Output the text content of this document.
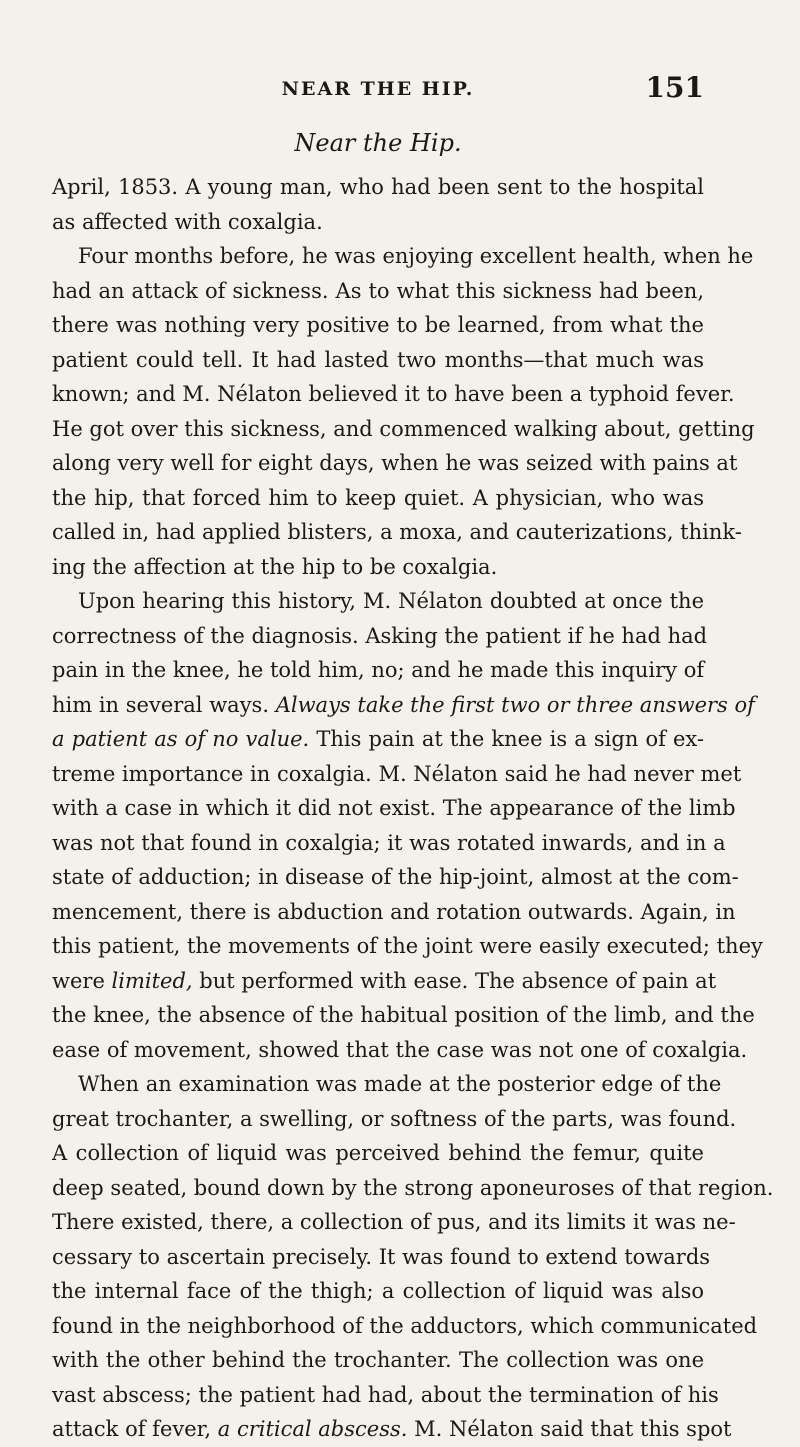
NEAR THE HIP.	151
Near the Hip.
April, 1853. A young man, who had been sent to the hospital
as affected with coxalgia.
Four months before, he was enjoying excellent health, when he
had an attack of sickness. As to what this sickness had been,
there was nothing very positive to be learned, from what the
patient could tell. It had lasted two months—that much was
known; and M. Nélaton believed it to have been a typhoid fever.
He got over this sickness, and commenced walking about, getting
along very well for eight days, when he was seized with pains at
the hip, that forced him to keep quiet. A physician, who was
called in, had applied blisters, a moxa, and cauterizations, think-
ing the affection at the hip to be coxalgia.
Upon hearing this history, M. Nélaton doubted at once the
correctness of the diagnosis. Asking the patient if he had had
pain in the knee, he told him, no; and he made this inquiry of
him in several ways. Always take the first two or three answers of
a patient as of no value. This pain at the knee is a sign of ex-
treme importance in coxalgia. M. Nélaton said he had never met
with a case in which it did not exist. The appearance of the limb
was not that found in coxalgia; it was rotated inwards, and in a
state of adduction; in disease of the hip-joint, almost at the com-
mencement, there is abduction and rotation outwards. Again, in
this patient, the movements of the joint were easily executed; they
were limited, but performed with ease. The absence of pain at
the knee, the absence of the habitual position of the limb, and the
ease of movement, showed that the case was not one of coxalgia.
When an examination was made at the posterior edge of the
great trochanter, a swelling, or softness of the parts, was found.
A collection of liquid was perceived behind the femur, quite
deep seated, bound down by the strong aponeuroses of that region.
There existed, there, a collection of pus, and its limits it was ne-
cessary to ascertain precisely. It was found to extend towards
the internal face of the thigh; a collection of liquid was also
found in the neighborhood of the adductors, which communicated
with the other behind the trochanter. The collection was one
vast abscess; the patient had had, about the termination of his
attack of fever, a critical abscess. M. Nélaton said that this spot
